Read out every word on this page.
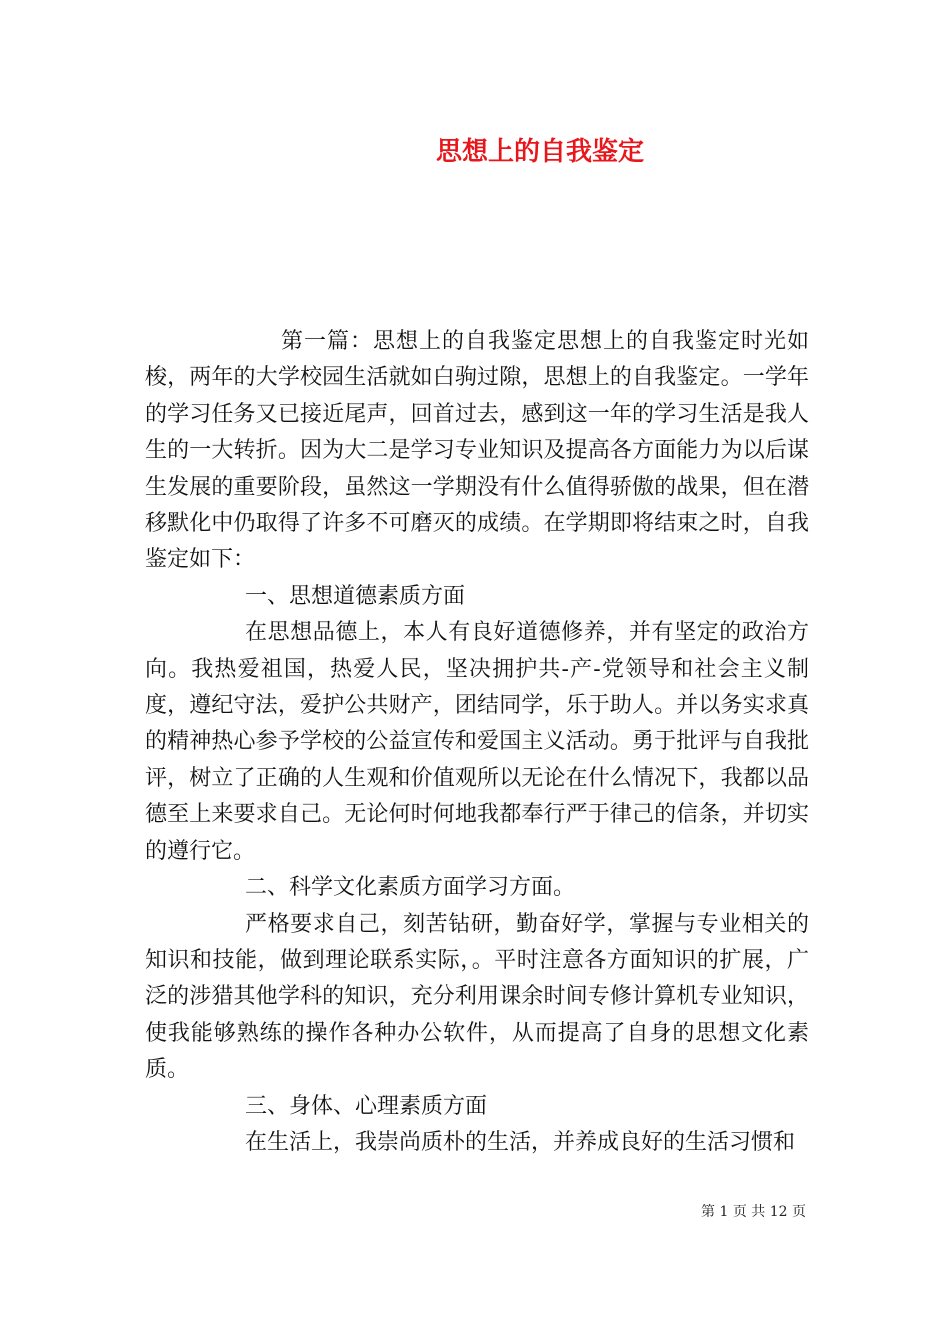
思想上的自我鉴定

第一篇：思想上的自我鉴定思想上的自我鉴定时光如梭，两年的大学校园生活就如白驹过隙，思想上的自我鉴定。一学年的学习任务又已接近尾声，回首过去，感到这一年的学习生活是我人生的一大转折。因为大二是学习专业知识及提高各方面能力为以后谋生发展的重要阶段，虽然这一学期没有什么值得骄傲的战果，但在潜移默化中仍取得了许多不可磨灭的成绩。在学期即将结束之时，自我鉴定如下：

一、思想道德素质方面

在思想品德上，本人有良好道德修养，并有坚定的政治方向。我热爱祖国，热爱人民，坚决拥护共-产-党领导和社会主义制度，遵纪守法，爱护公共财产，团结同学，乐于助人。并以务实求真的精神热心参予学校的公益宣传和爱国主义活动。勇于批评与自我批评，树立了正确的人生观和价值观所以无论在什么情况下，我都以品德至上来要求自己。无论何时何地我都奉行严于律己的信条，并切实的遵行它。

二、科学文化素质方面学习方面。

严格要求自己，刻苦钻研，勤奋好学，掌握与专业相关的知识和技能，做到理论联系实际，。平时注意各方面知识的扩展，广泛的涉猎其他学科的知识，充分利用课余时间专修计算机专业知识，使我能够熟练的操作各种办公软件，从而提高了自身的思想文化素质。

三、身体、心理素质方面

在生活上，我崇尚质朴的生活，并养成良好的生活习惯和

第 1 页 共 12 页
